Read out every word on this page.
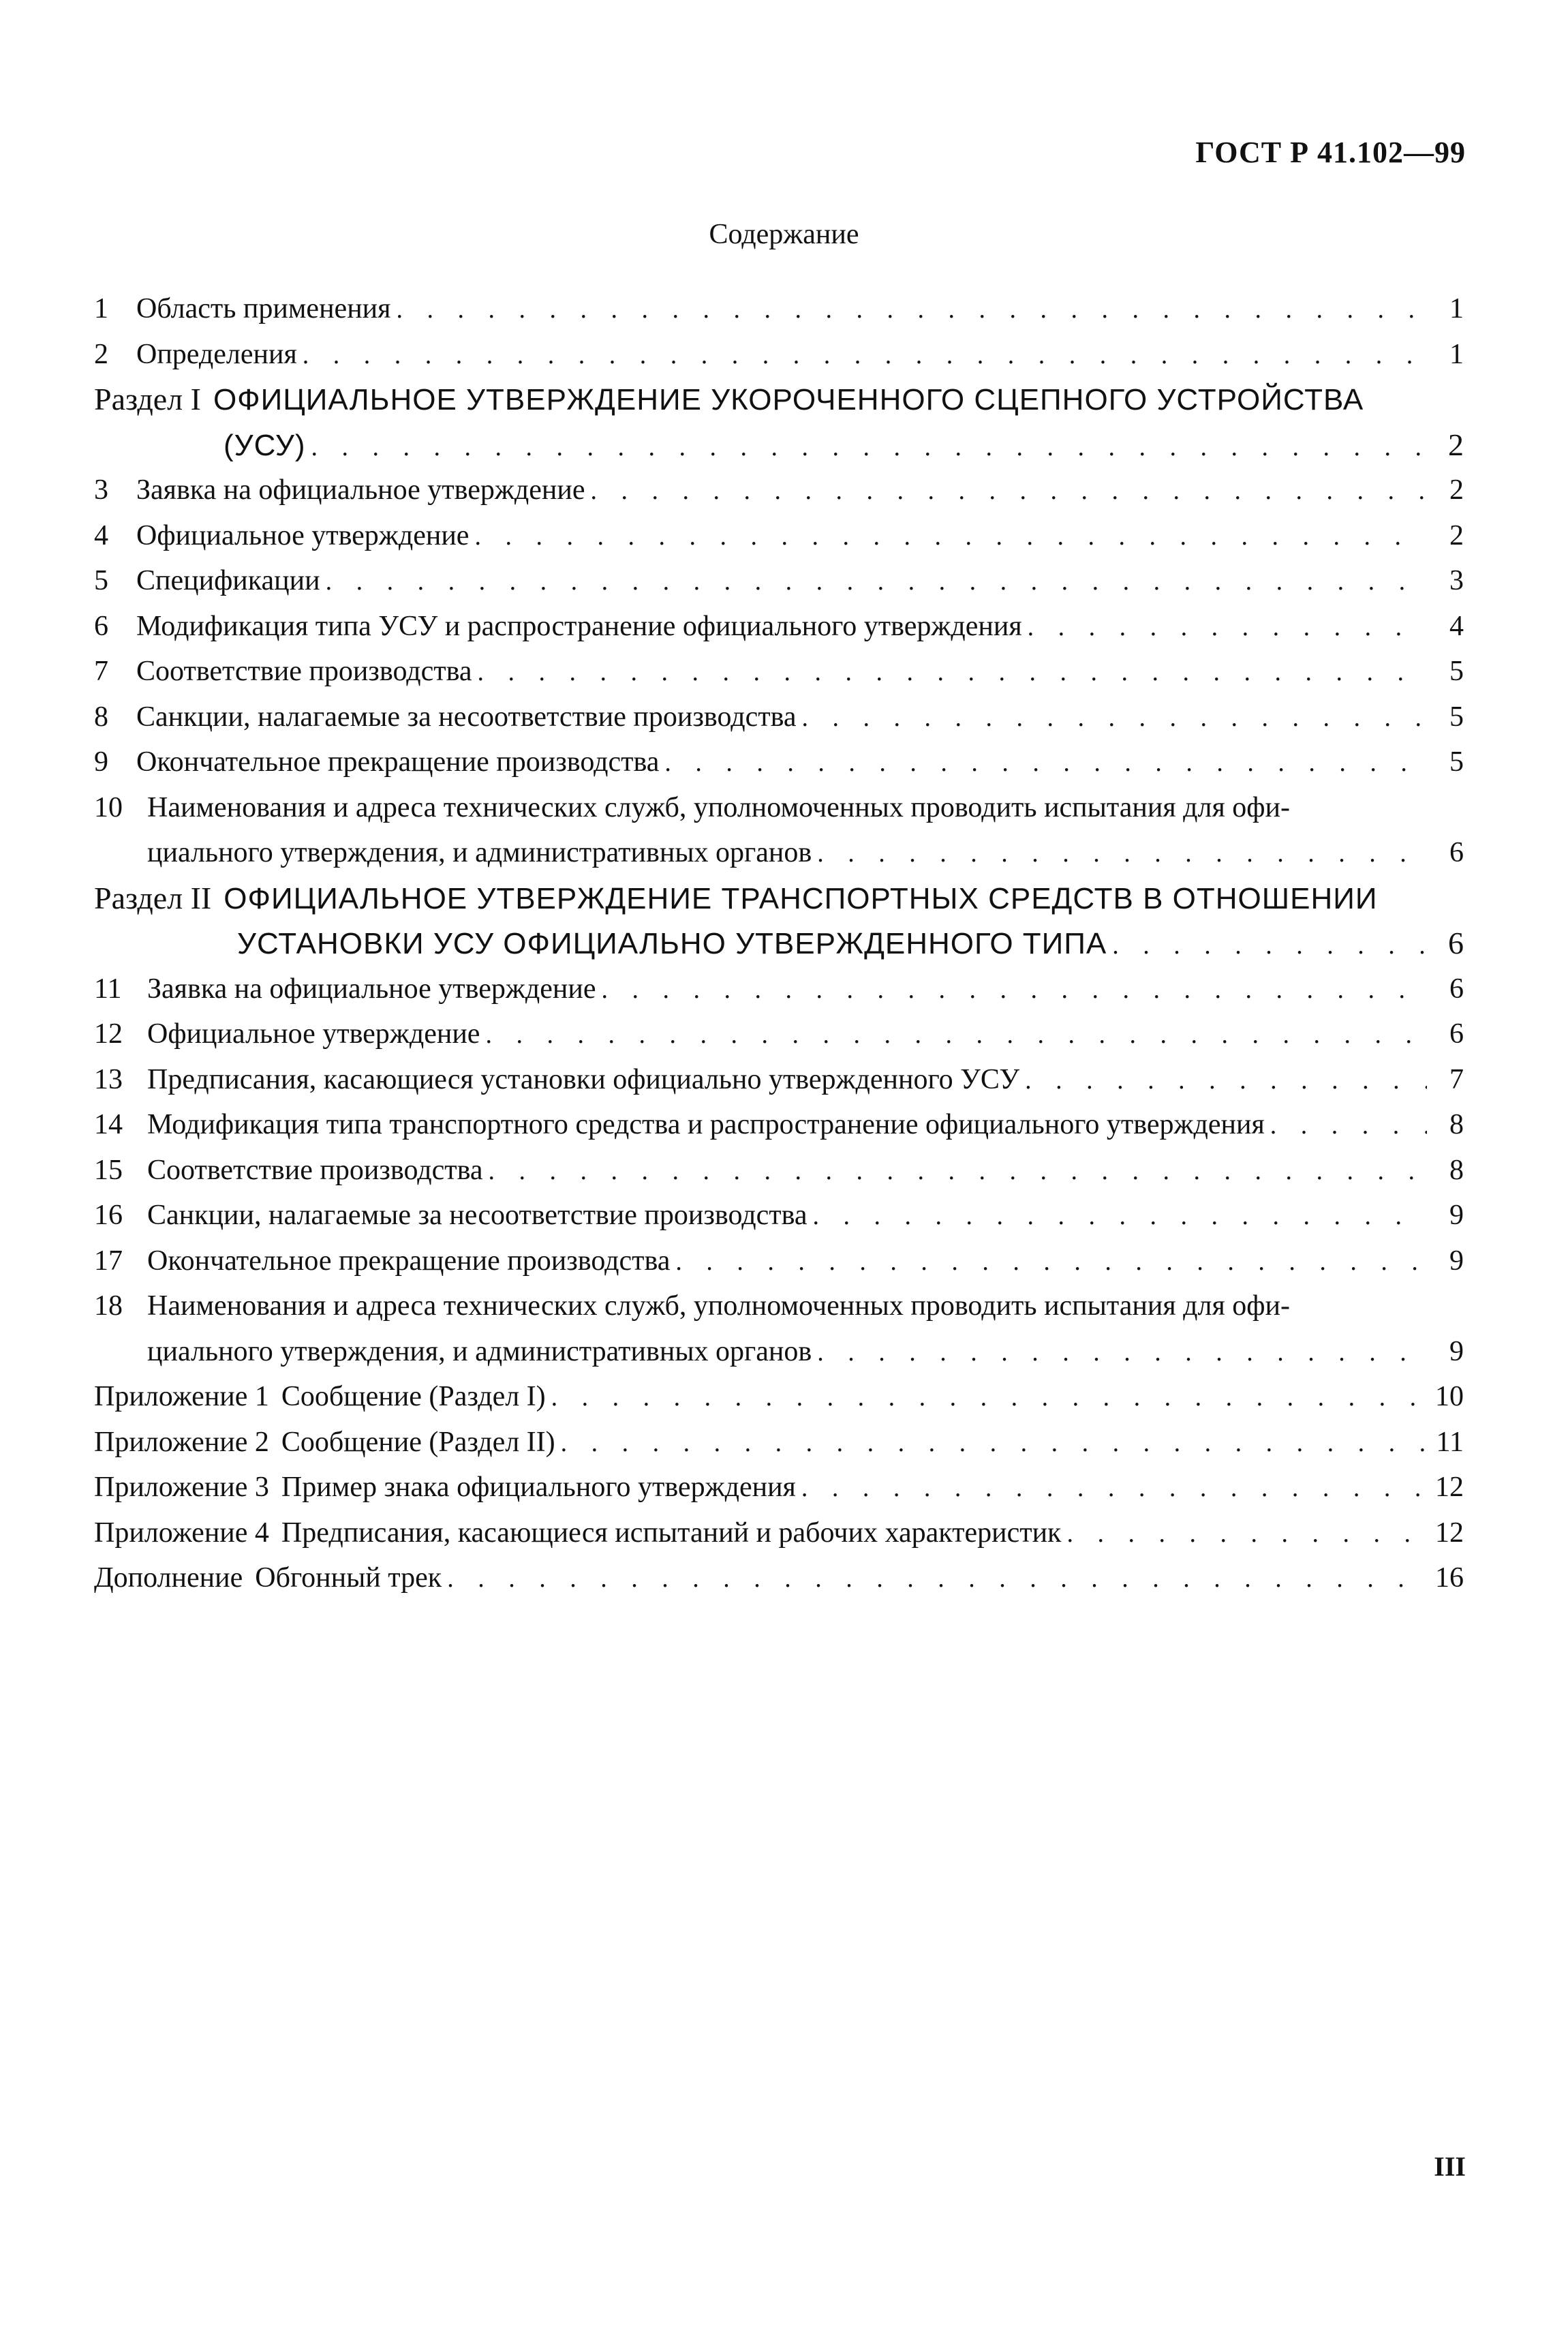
ГОСТ Р 41.102—99
Содержание
1 Область применения . . .	1
2 Определения . . .	1
Раздел I ОФИЦИАЛЬНОЕ УТВЕРЖДЕНИЕ УКОРОЧЕННОГО СЦЕПНОГО УСТРОЙСТВА
(УСУ) . . .	2
3 Заявка на официальное утверждение . . .	2
4 Официальное утверждение . . .	2
5 Спецификации . . .	3
6 Модификация типа УСУ и распространение официального утверждения . . .	4
7 Соответствие производства . . .	5
8 Санкции, налагаемые за несоответствие производства . . .	5
9 Окончательное прекращение производства . . .	5
10 Наименования и адреса технических служб, уполномоченных проводить испытания для офи-
циального утверждения, и административных органов . . .	6
Раздел II ОФИЦИАЛЬНОЕ УТВЕРЖДЕНИЕ ТРАНСПОРТНЫХ СРЕДСТВ В ОТНОШЕНИИ
УСТАНОВКИ УСУ ОФИЦИАЛЬНО УТВЕРЖДЕННОГО ТИПА . . .	6
11 Заявка на официальное утверждение . . .	6
12 Официальное утверждение . . .	6
13 Предписания, касающиеся установки официально утвержденного УСУ . . .	7
14 Модификация типа транспортного средства и распространение официального утверждения . . .	8
15 Соответствие производства . . .	8
16 Санкции, налагаемые за несоответствие производства . . .	9
17 Окончательное прекращение производства . . .	9
18 Наименования и адреса технических служб, уполномоченных проводить испытания для офи-
циального утверждения, и административных органов . . .	9
Приложение 1 Сообщение (Раздел I) . . .	10
Приложение 2 Сообщение (Раздел II) . . .	11
Приложение 3 Пример знака официального утверждения . . .	12
Приложение 4 Предписания, касающиеся испытаний и рабочих характеристик . . .	12
Дополнение Обгонный трек . . .	16
III
